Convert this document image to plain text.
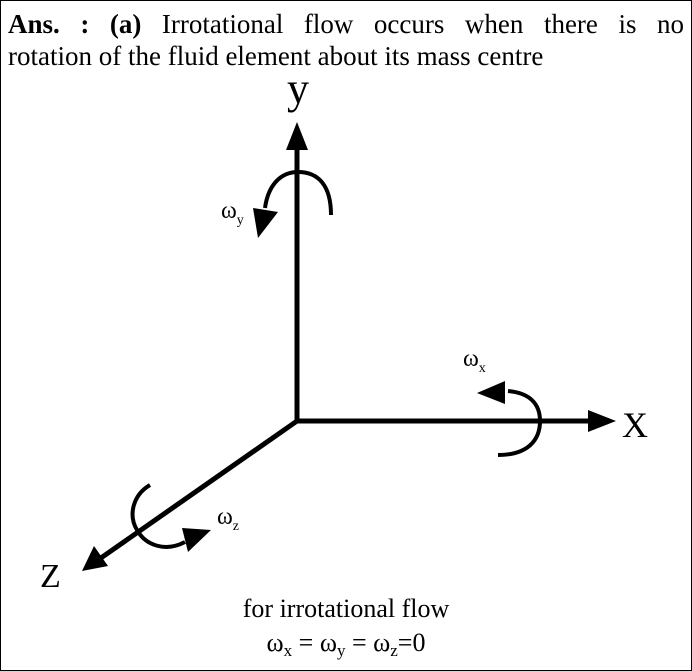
Ans. : (a) Irrotational flow occurs when there is no
rotation of the fluid element about its mass centre
y
X
Z
$\omega_y$
$\omega_x$
$\omega_z$
for irrotational flow
ωx = ωy = ωz=0
